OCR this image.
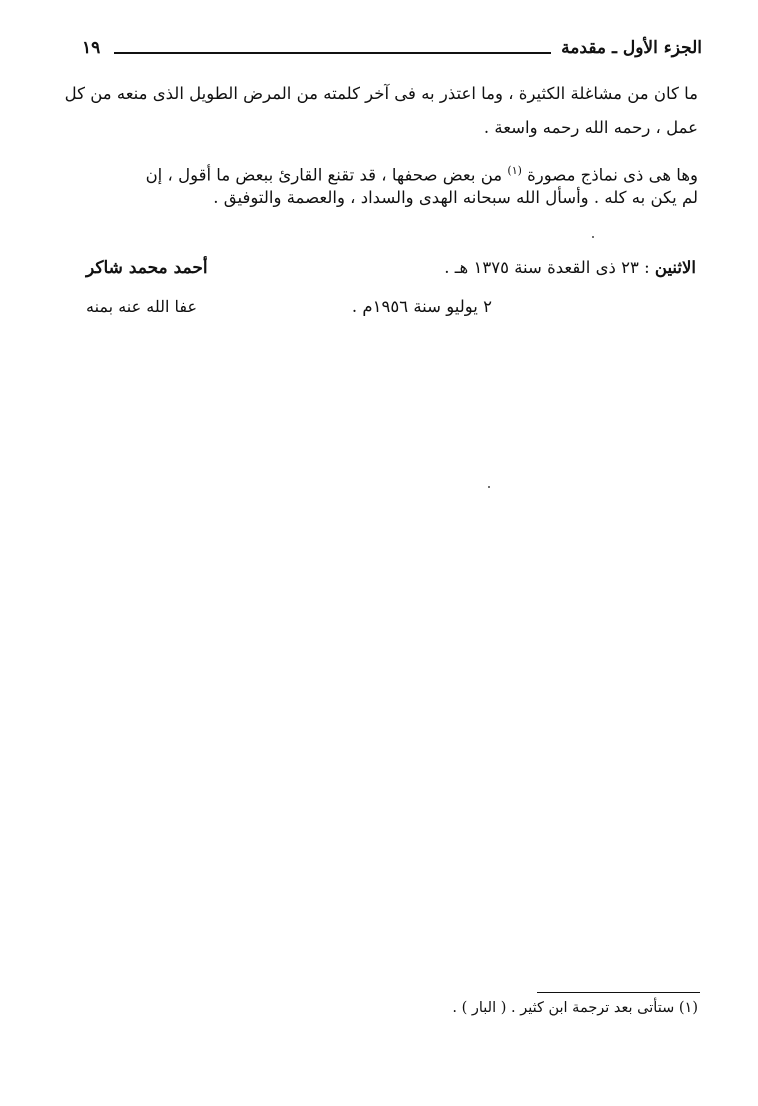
الجزء الأول ـ مقدمة
١٩
ما كان من مشاغلة الكثيرة ، وما اعتذر به فى آخر كلمته من المرض الطويل الذى منعه من كل
عمل ، رحمه الله رحمه واسعة .
وها هى ذى نماذج مصورة $^{(١)}$ من بعض صحفها ، قد تقنع القارئ ببعض ما أقول ، إن
لم يكن به كله . وأسأل الله سبحانه الهدى والسداد ، والعصمة والتوفيق .
الاثنين : ٢٣ ذى القعدة سنة ١٣٧٥ هـ .
٢ يوليو سنة ١٩٥٦م .
أحمد محمد شاكر
عفا الله عنه بمنه
(١) ستأتى بعد ترجمة ابن كثير . ( البار ) .
